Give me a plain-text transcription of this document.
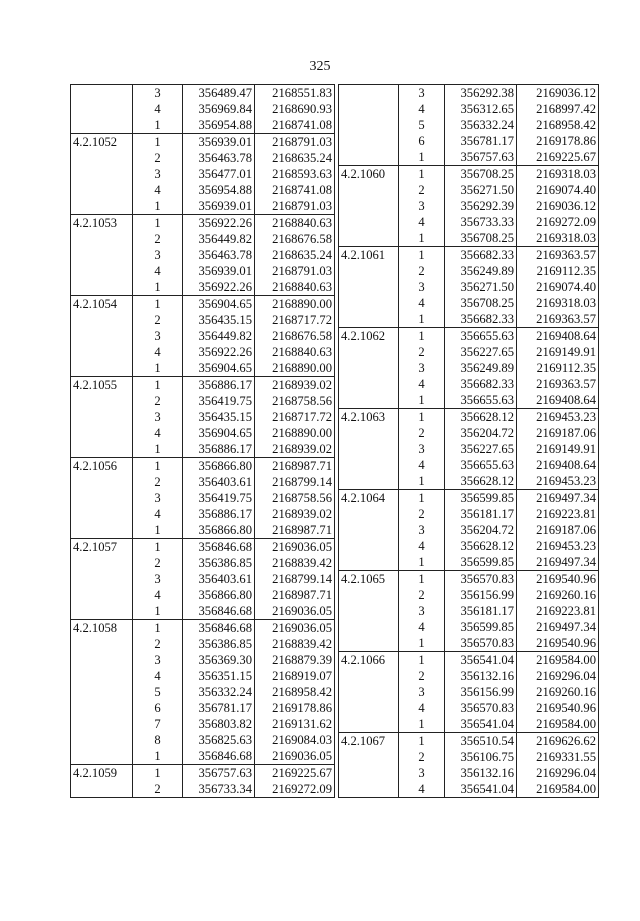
325
	3	356489.47	2168551.83
	4	356969.84	2168690.93
	1	356954.88	2168741.08
4.2.1052	1	356939.01	2168791.03
	2	356463.78	2168635.24
	3	356477.01	2168593.63
	4	356954.88	2168741.08
	1	356939.01	2168791.03
4.2.1053	1	356922.26	2168840.63
	2	356449.82	2168676.58
	3	356463.78	2168635.24
	4	356939.01	2168791.03
	1	356922.26	2168840.63
4.2.1054	1	356904.65	2168890.00
	2	356435.15	2168717.72
	3	356449.82	2168676.58
	4	356922.26	2168840.63
	1	356904.65	2168890.00
4.2.1055	1	356886.17	2168939.02
	2	356419.75	2168758.56
	3	356435.15	2168717.72
	4	356904.65	2168890.00
	1	356886.17	2168939.02
4.2.1056	1	356866.80	2168987.71
	2	356403.61	2168799.14
	3	356419.75	2168758.56
	4	356886.17	2168939.02
	1	356866.80	2168987.71
4.2.1057	1	356846.68	2169036.05
	2	356386.85	2168839.42
	3	356403.61	2168799.14
	4	356866.80	2168987.71
	1	356846.68	2169036.05
4.2.1058	1	356846.68	2169036.05
	2	356386.85	2168839.42
	3	356369.30	2168879.39
	4	356351.15	2168919.07
	5	356332.24	2168958.42
	6	356781.17	2169178.86
	7	356803.82	2169131.62
	8	356825.63	2169084.03
	1	356846.68	2169036.05
4.2.1059	1	356757.63	2169225.67
	2	356733.34	2169272.09
	3	356292.38	2169036.12
	4	356312.65	2168997.42
	5	356332.24	2168958.42
	6	356781.17	2169178.86
	1	356757.63	2169225.67
4.2.1060	1	356708.25	2169318.03
	2	356271.50	2169074.40
	3	356292.39	2169036.12
	4	356733.33	2169272.09
	1	356708.25	2169318.03
4.2.1061	1	356682.33	2169363.57
	2	356249.89	2169112.35
	3	356271.50	2169074.40
	4	356708.25	2169318.03
	1	356682.33	2169363.57
4.2.1062	1	356655.63	2169408.64
	2	356227.65	2169149.91
	3	356249.89	2169112.35
	4	356682.33	2169363.57
	1	356655.63	2169408.64
4.2.1063	1	356628.12	2169453.23
	2	356204.72	2169187.06
	3	356227.65	2169149.91
	4	356655.63	2169408.64
	1	356628.12	2169453.23
4.2.1064	1	356599.85	2169497.34
	2	356181.17	2169223.81
	3	356204.72	2169187.06
	4	356628.12	2169453.23
	1	356599.85	2169497.34
4.2.1065	1	356570.83	2169540.96
	2	356156.99	2169260.16
	3	356181.17	2169223.81
	4	356599.85	2169497.34
	1	356570.83	2169540.96
4.2.1066	1	356541.04	2169584.00
	2	356132.16	2169296.04
	3	356156.99	2169260.16
	4	356570.83	2169540.96
	1	356541.04	2169584.00
4.2.1067	1	356510.54	2169626.62
	2	356106.75	2169331.55
	3	356132.16	2169296.04
	4	356541.04	2169584.00
